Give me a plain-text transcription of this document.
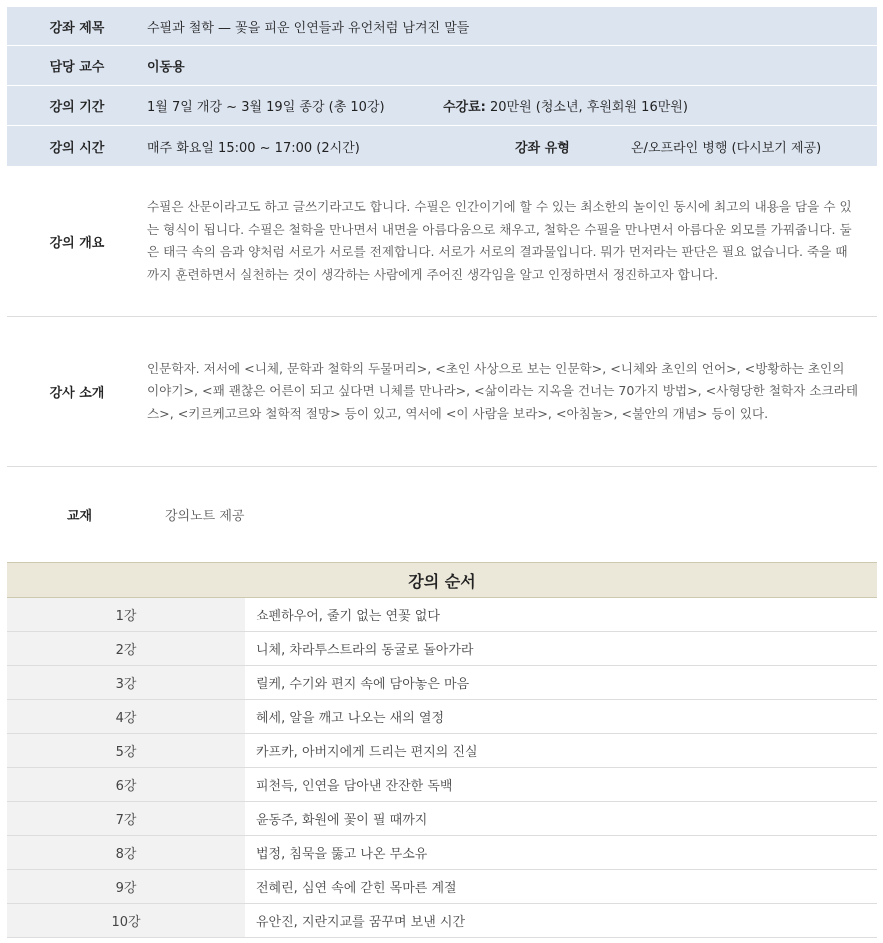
강좌 제목	수필과 철학 — 꽃을 피운 인연들과 유언처럼 남겨진 말들
담당 교수	이동용
강의 기간	1월 7일 개강 ~ 3월 19일 종강 (총 10강)	수강료: 20만원 (청소년, 후원회원 16만원)
강의 시간	매주 화요일 15:00 ~ 17:00 (2시간)	강좌 유형	온/오프라인 병행 (다시보기 제공)
강의 개요
수필은 산문이라고도 하고 글쓰기라고도 합니다. 수필은 인간이기에 할 수 있는 최소한의 놀이인 동시에 최고의 내용을 담을 수 있는 형식이 됩니다. 수필은 철학을 만나면서 내면을 아름다움으로 채우고, 철학은 수필을 만나면서 아름다운 외모를 가꿔줍니다. 둘은 태극 속의 음과 양처럼 서로가 서로를 전제합니다. 서로가 서로의 결과물입니다. 뭐가 먼저라는 판단은 필요 없습니다. 죽을 때까지 훈련하면서 실천하는 것이 생각하는 사람에게 주어진 생각임을 알고 인정하면서 정진하고자 합니다.
강사 소개
인문학자. 저서에 <니체, 문학과 철학의 두물머리>, <초인 사상으로 보는 인문학>, <니체와 초인의 언어>, <방황하는 초인의 이야기>, <꽤 괜찮은 어른이 되고 싶다면 니체를 만나라>, <삶이라는 지옥을 건너는 70가지 방법>, <사형당한 철학자 소크라테스>, <키르케고르와 철학적 절망> 등이 있고, 역서에 <이 사람을 보라>, <아침놀>, <불안의 개념> 등이 있다.
교재	강의노트 제공
강의 순서
1강	쇼펜하우어, 줄기 없는 연꽃 없다
2강	니체, 차라투스트라의 동굴로 돌아가라
3강	릴케, 수기와 편지 속에 담아놓은 마음
4강	헤세, 알을 깨고 나오는 새의 열정
5강	카프카, 아버지에게 드리는 편지의 진실
6강	피천득, 인연을 담아낸 잔잔한 독백
7강	윤동주, 화원에 꽃이 필 때까지
8강	법정, 침묵을 뚫고 나온 무소유
9강	전혜린, 심연 속에 갇힌 목마른 계절
10강	유안진, 지란지교를 꿈꾸며 보낸 시간
